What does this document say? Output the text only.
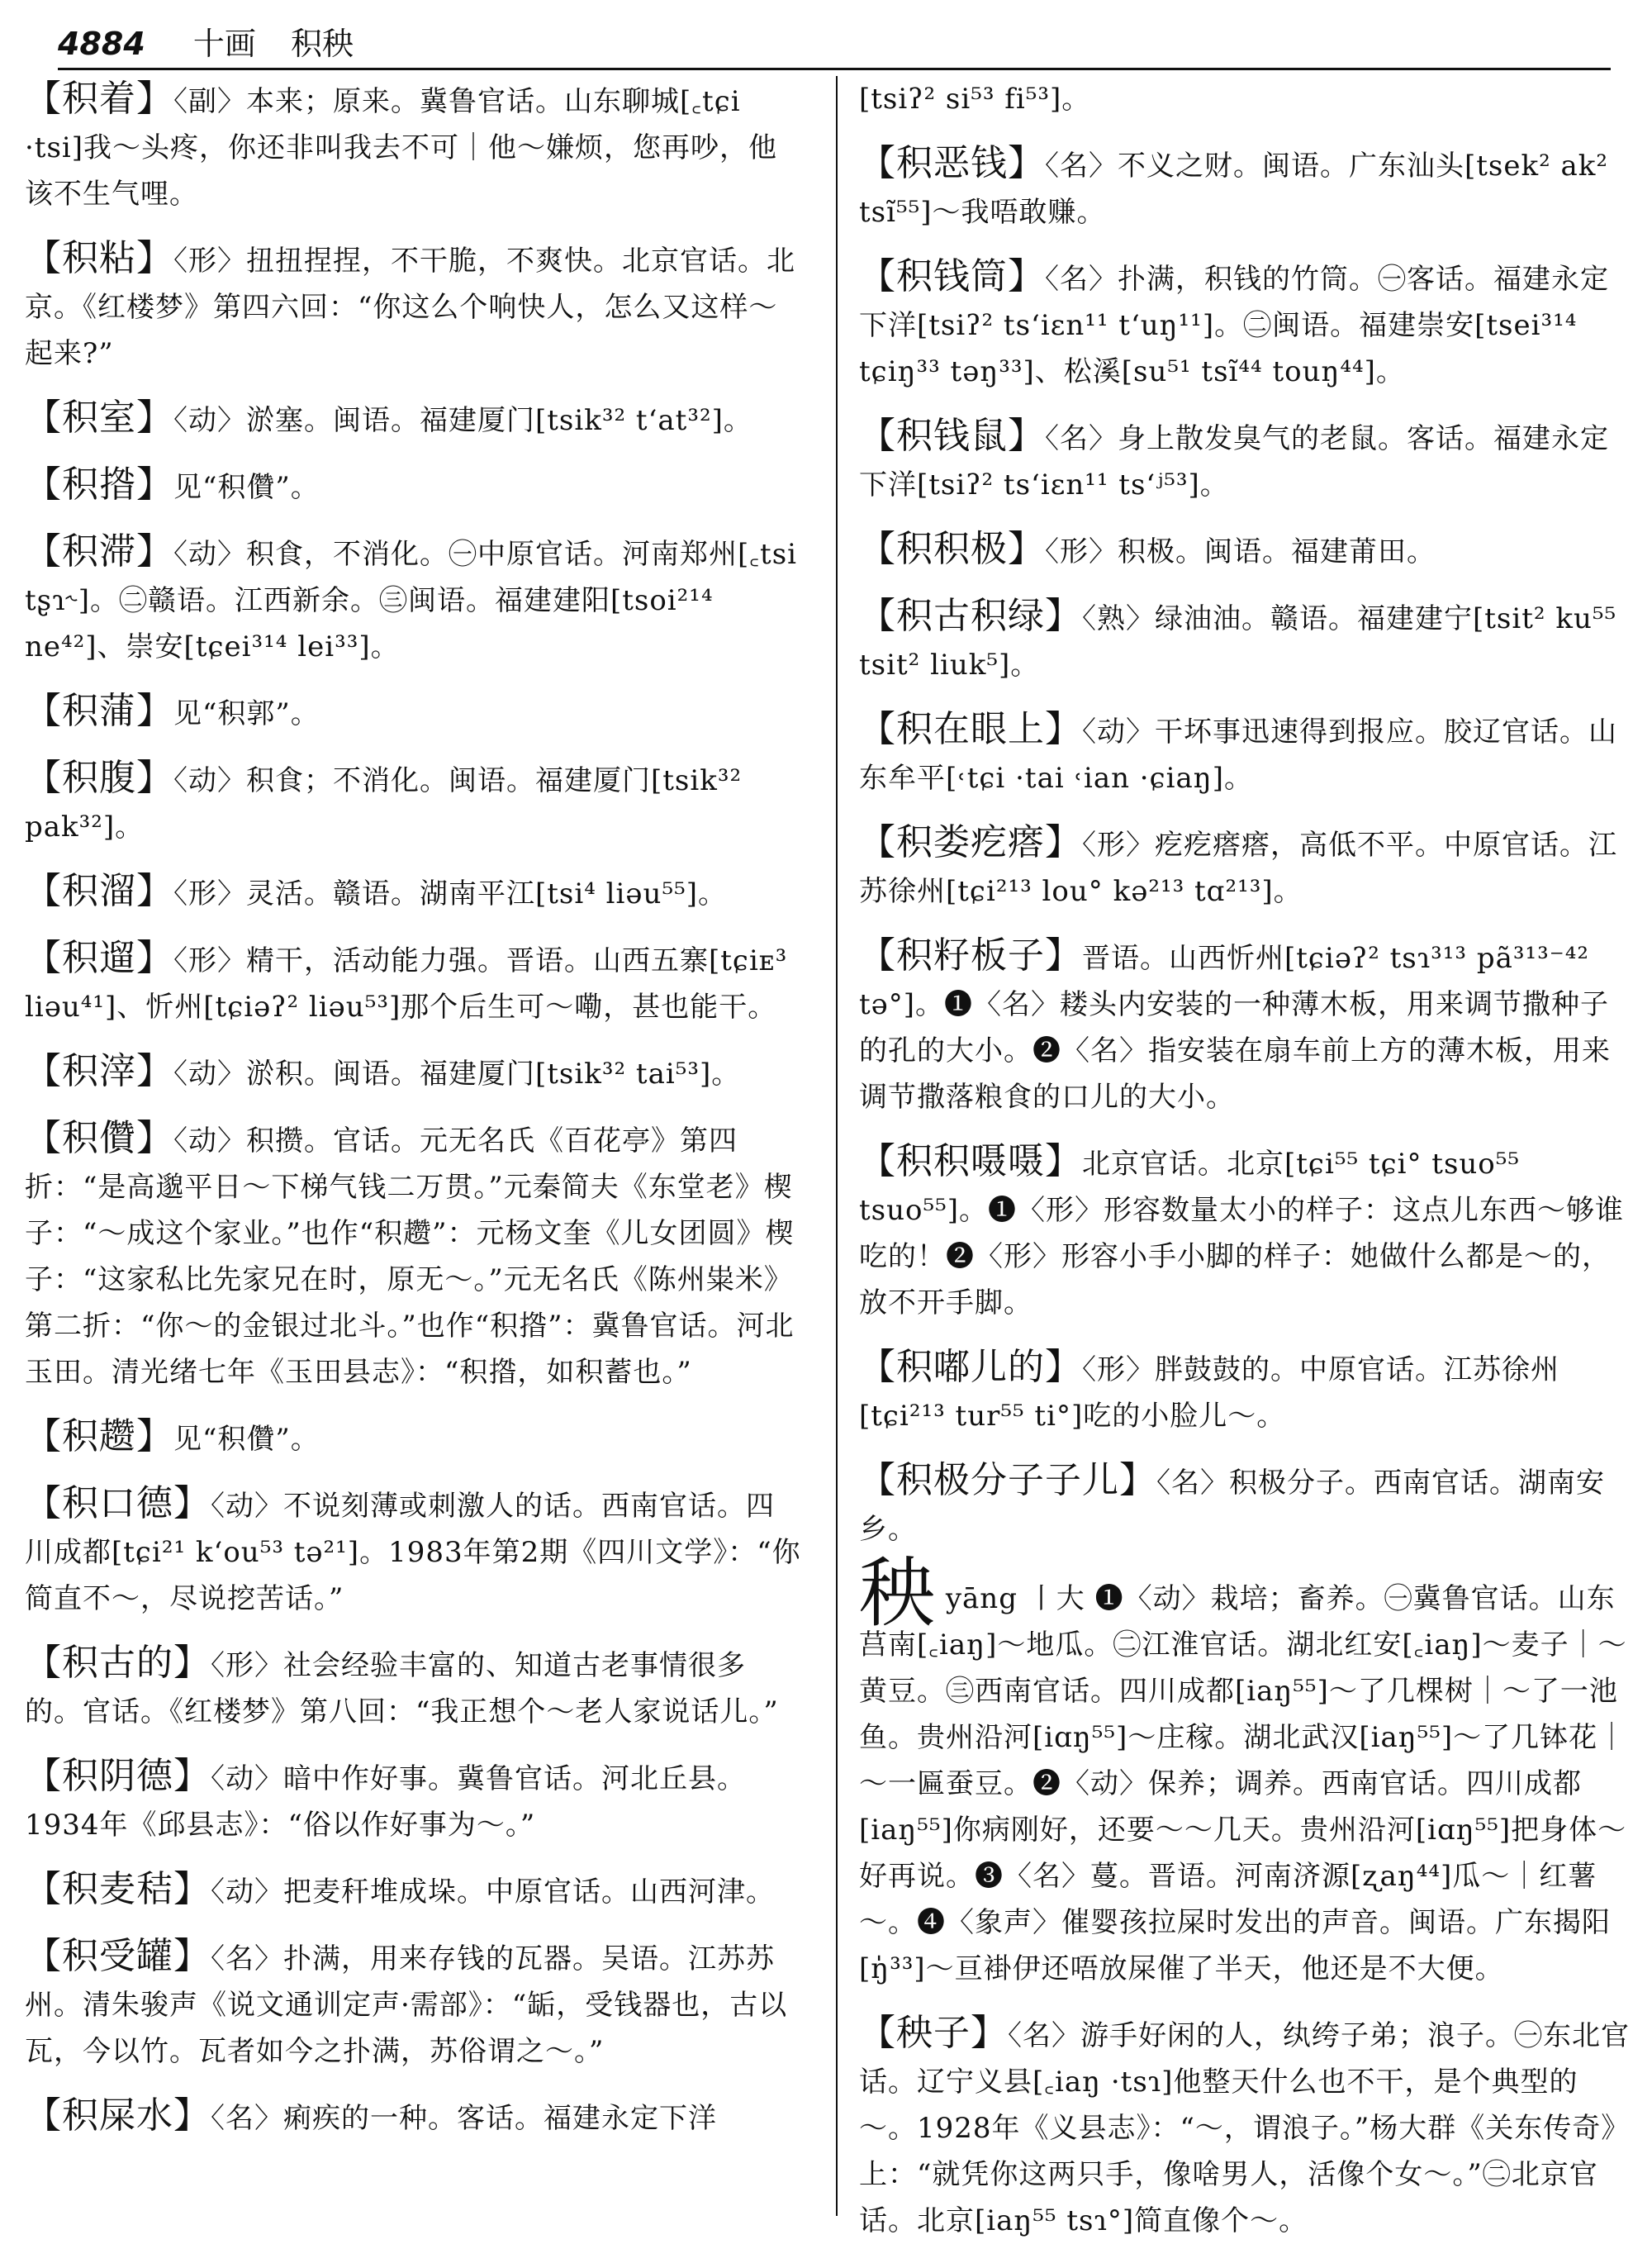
4884 十画 积秧

【积着】〈副〉本来；原来。冀鲁官话。山东聊城[꜀tɕi ·tsi]我～头疼，你还非叫我去不可｜他～嫌烦，您再吵，他该不生气哩。

【积粘】〈形〉扭扭捏捏，不干脆，不爽快。北京官话。北京。《红楼梦》第四六回：“你这么个响快人，怎么又这样～起来?”

【积室】〈动〉淤塞。闽语。福建厦门[tsik³² t‘at³²]。

【积揝】见“积儹”。

【积滞】〈动〉积食，不消化。㊀中原官话。河南郑州[꜀tsi tʂɿ˞]。㊁赣语。江西新余。㊂闽语。福建建阳[tsoi²¹⁴ ne⁴²]、崇安[tɕei³¹⁴ lei³³]。

【积蒲】见“积郭”。

【积腹】〈动〉积食；不消化。闽语。福建厦门[tsik³² pak³²]。

【积溜】〈形〉灵活。赣语。湖南平江[tsi⁴ liəu⁵⁵]。

【积遛】〈形〉精干，活动能力强。晋语。山西五寨[tɕiᴇ³ liəu⁴¹]、忻州[tɕiəʔ² liəu⁵³]那个后生可～嘞，甚也能干。

【积滓】〈动〉淤积。闽语。福建厦门[tsik³² tai⁵³]。

【积儹】〈动〉积攒。官话。元无名氏《百花亭》第四折：“是高邈平日～下梯气钱二万贯。”元秦简夫《东堂老》楔子：“～成这个家业。”也作“积趱”：元杨文奎《儿女团圆》楔子：“这家私比先家兄在时，原无～。”元无名氏《陈州粜米》第二折：“你～的金银过北斗。”也作“积揝”：冀鲁官话。河北玉田。清光绪七年《玉田县志》：“积揝，如积蓄也。”

【积趱】见“积儹”。

【积口德】〈动〉不说刻薄或刺激人的话。西南官话。四川成都[tɕi²¹ k‘ou⁵³ tə²¹]。1983年第2期《四川文学》：“你简直不～，尽说挖苦话。”

【积古的】〈形〉社会经验丰富的、知道古老事情很多的。官话。《红楼梦》第八回：“我正想个～老人家说话儿。”

【积阴德】〈动〉暗中作好事。冀鲁官话。河北丘县。1934年《邱县志》：“俗以作好事为～。”

【积麦秸】〈动〉把麦秆堆成垛。中原官话。山西河津。

【积受罐】〈名〉扑满，用来存钱的瓦器。吴语。江苏苏州。清朱骏声《说文通训定声·需部》：“缿，受钱器也，古以瓦，今以竹。瓦者如今之扑满，苏俗谓之～。”

【积屎水】〈名〉痢疾的一种。客话。福建永定下洋

[tsiʔ² si⁵³ fi⁵³]。

【积恶钱】〈名〉不义之财。闽语。广东汕头[tsek² ak² tsĩ⁵⁵]～我唔敢赚。

【积钱筒】〈名〉扑满，积钱的竹筒。㊀客话。福建永定下洋[tsiʔ² ts‘iɛn¹¹ t‘uŋ¹¹]。㊁闽语。福建崇安[tsei³¹⁴ tɕiŋ³³ təŋ³³]、松溪[su⁵¹ tsĩ⁴⁴ touŋ⁴⁴]。

【积钱鼠】〈名〉身上散发臭气的老鼠。客话。福建永定下洋[tsiʔ² ts‘iɛn¹¹ ts‘ʲ⁵³]。

【积积极】〈形〉积极。闽语。福建莆田。

【积古积绿】〈熟〉绿油油。赣语。福建建宁[tsit² ku⁵⁵ tsit² liuk⁵]。

【积在眼上】〈动〉干坏事迅速得到报应。胶辽官话。山东牟平[˓tɕi ·tai ˓ian ·ɕiaŋ]。

【积娄疙瘩】〈形〉疙疙瘩瘩，高低不平。中原官话。江苏徐州[tɕi²¹³ lou° kə²¹³ tɑ²¹³]。

【积籽板子】晋语。山西忻州[tɕiəʔ² tsɿ³¹³ pã³¹³⁻⁴² tə°]。❶〈名〉耧头内安装的一种薄木板，用来调节撒种子的孔的大小。❷〈名〉指安装在扇车前上方的薄木板，用来调节撒落粮食的口儿的大小。

【积积嗫嗫】北京官话。北京[tɕi⁵⁵ tɕi° tsuo⁵⁵ tsuo⁵⁵]。❶〈形〉形容数量太小的样子：这点儿东西～够谁吃的！❷〈形〉形容小手小脚的样子：她做什么都是～的，放不开手脚。

【积嘟儿的】〈形〉胖鼓鼓的。中原官话。江苏徐州[tɕi²¹³ tur⁵⁵ ti°]吃的小脸儿～。

【积极分子子儿】〈名〉积极分子。西南官话。湖南安乡。

秧 yāng 丨大 ❶〈动〉栽培；畜养。㊀冀鲁官话。山东莒南[꜀iaŋ]～地瓜。㊁江淮官话。湖北红安[꜀iaŋ]～麦子｜～黄豆。㊂西南官话。四川成都[iaŋ⁵⁵]～了几棵树｜～了一池鱼。贵州沿河[iɑŋ⁵⁵]～庄稼。湖北武汉[iaŋ⁵⁵]～了几钵花｜～一匾蚕豆。❷〈动〉保养；调养。西南官话。四川成都[iaŋ⁵⁵]你病刚好，还要～～几天。贵州沿河[iɑŋ⁵⁵]把身体～好再说。❸〈名〉蔓。晋语。河南济源[ʐaŋ⁴⁴]瓜～｜红薯～。❹〈象声〉催婴孩拉屎时发出的声音。闽语。广东揭阳[ŋ̍³³]～亘褂伊还唔放屎催了半天，他还是不大便。

【秧子】〈名〉游手好闲的人，纨绔子弟；浪子。㊀东北官话。辽宁义县[꜀iaŋ ·tsɿ]他整天什么也不干，是个典型的～。1928年《义县志》：“～，谓浪子。”杨大群《关东传奇》上：“就凭你这两只手，像啥男人，活像个女～。”㊁北京官话。北京[iaŋ⁵⁵ tsɿ°]简直像个～。
